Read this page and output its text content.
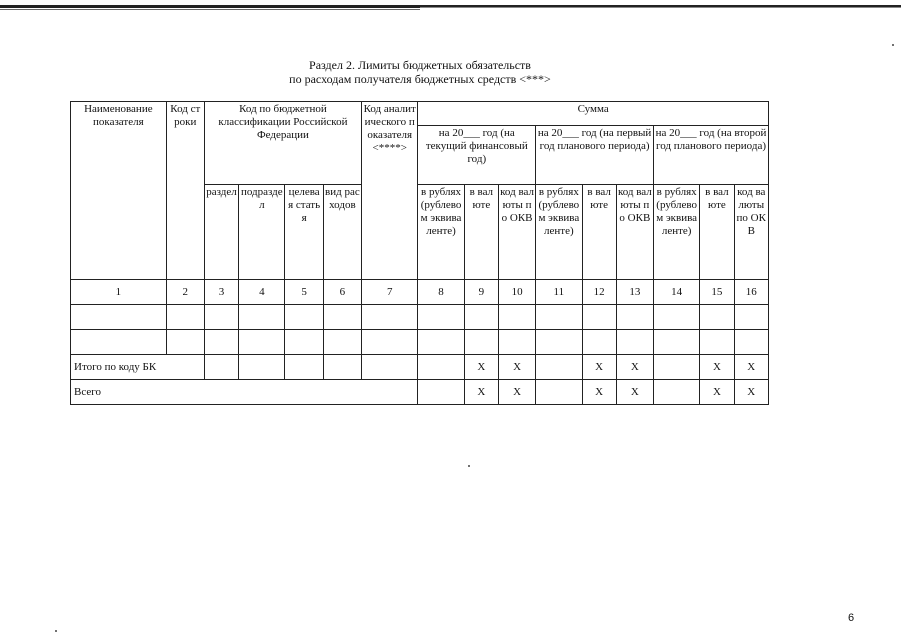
Раздел 2. Лимиты бюджетных обязательств
по расходам получателя бюджетных средств <***>
Наименование показателя	Код строки	Код по бюджетной классификации Российской Федерации				Код аналитического показателя <****>	Сумма								
							на 20___ год (на текущий финансовый год)			на 20___ год (на первый год планового периода)			на 20___ год (на второй год планового периода)		
		раздел	подраздел	целевая статья	вид расходов		в рублях (рублевом эквиваленте)	в валюте	код валюты по ОКВ	в рублях (рублевом эквиваленте)	в валюте	код валюты по ОКВ	в рублях (рублевом эквиваленте)	в валюте	код валюты по ОКВ
1	2	3	4	5	6	7	8	9	10	11	12	13	14	15	16

Итого по коду БК								X	X		X	X		X	X
Всего								X	X		X	X		X	X
6
